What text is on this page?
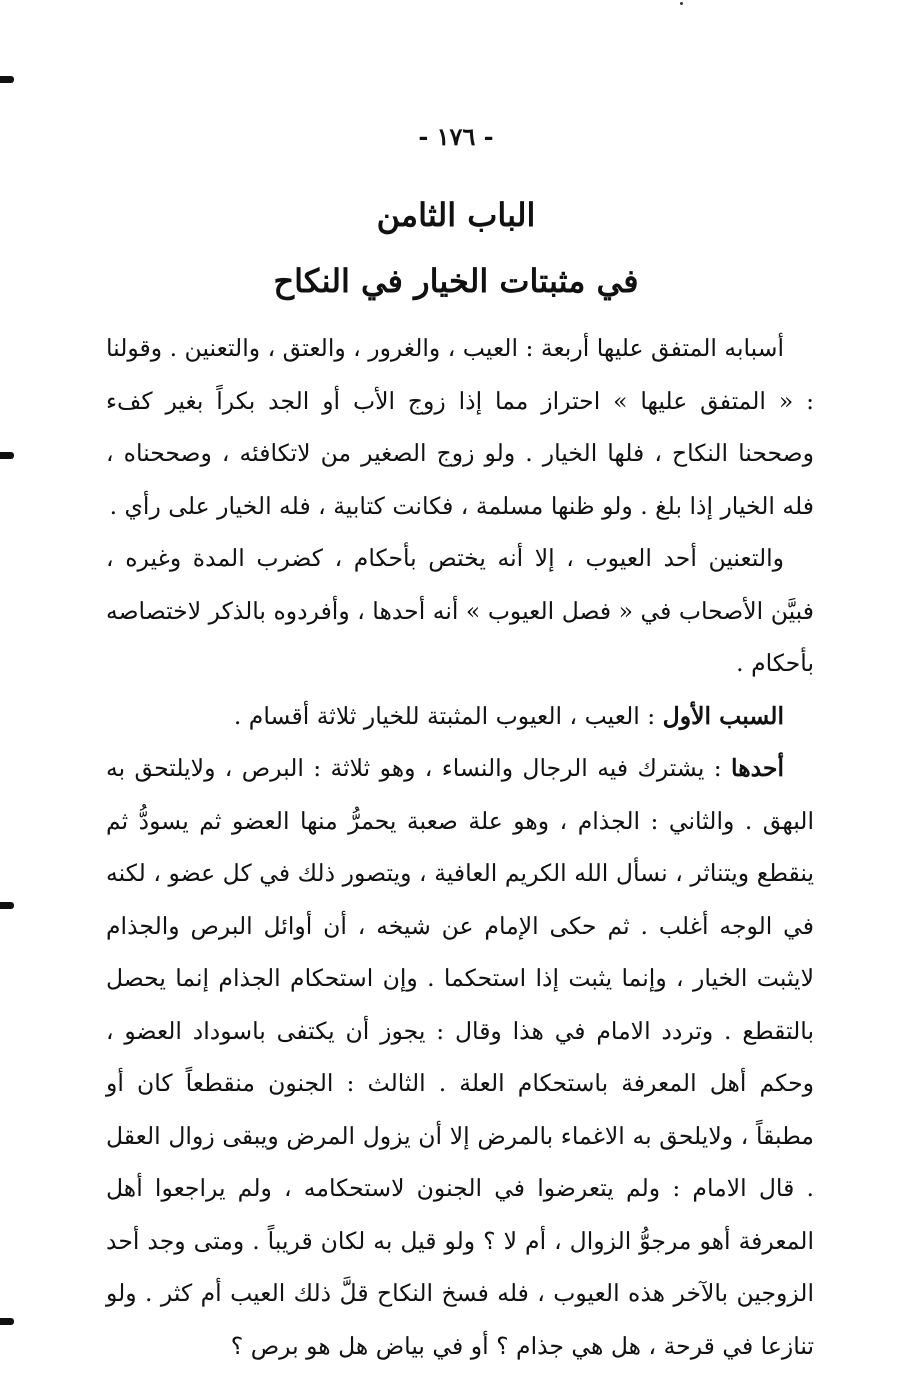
- ١٧٦ -
الباب الثامن
في مثبتات الخيار في النكاح

أسبابه المتفق عليها أربعة : العيب ، والغرور ، والعتق ، والتعنين . وقولنا : « المتفق عليها » احتراز مما إذا زوج الأب أو الجد بكراً بغير كفء وصححنا النكاح ، فلها الخيار . ولو زوج الصغير من لاتكافئه ، وصححناه ، فله الخيار إذا بلغ . ولو ظنها مسلمة ، فكانت كتابية ، فله الخيار على رأي .

والتعنين أحد العيوب ، إلا أنه يختص بأحكام ، كضرب المدة وغيره ، فبيَّن الأصحاب في « فصل العيوب » أنه أحدها ، وأفردوه بالذكر لاختصاصه بأحكام .

السبب الأول : العيب ، العيوب المثبتة للخيار ثلاثة أقسام .

أحدها : يشترك فيه الرجال والنساء ، وهو ثلاثة : البرص ، ولايلتحق به البهق . والثاني : الجذام ، وهو علة صعبة يحمرُّ منها العضو ثم يسودُّ ثم ينقطع ويتناثر ، نسأل الله الكريم العافية ، ويتصور ذلك في كل عضو ، لكنه في الوجه أغلب . ثم حكى الإمام عن شيخه ، أن أوائل البرص والجذام لايثبت الخيار ، وإنما يثبت إذا استحكما . وإن استحكام الجذام إنما يحصل بالتقطع . وتردد الامام في هذا وقال : يجوز أن يكتفى باسوداد العضو ، وحكم أهل المعرفة باستحكام العلة . الثالث : الجنون منقطعاً كان أو مطبقاً ، ولايلحق به الاغماء بالمرض إلا أن يزول المرض ويبقى زوال العقل . قال الامام : ولم يتعرضوا في الجنون لاستحكامه ، ولم يراجعوا أهل المعرفة أهو مرجوُّ الزوال ، أم لا ؟ ولو قيل به لكان قريباً . ومتى وجد أحد الزوجين بالآخر هذه العيوب ، فله فسخ النكاح قلَّ ذلك العيب أم كثر . ولو تنازعا في قرحة ، هل هي جذام ؟ أو في بياض هل هو برص ؟
